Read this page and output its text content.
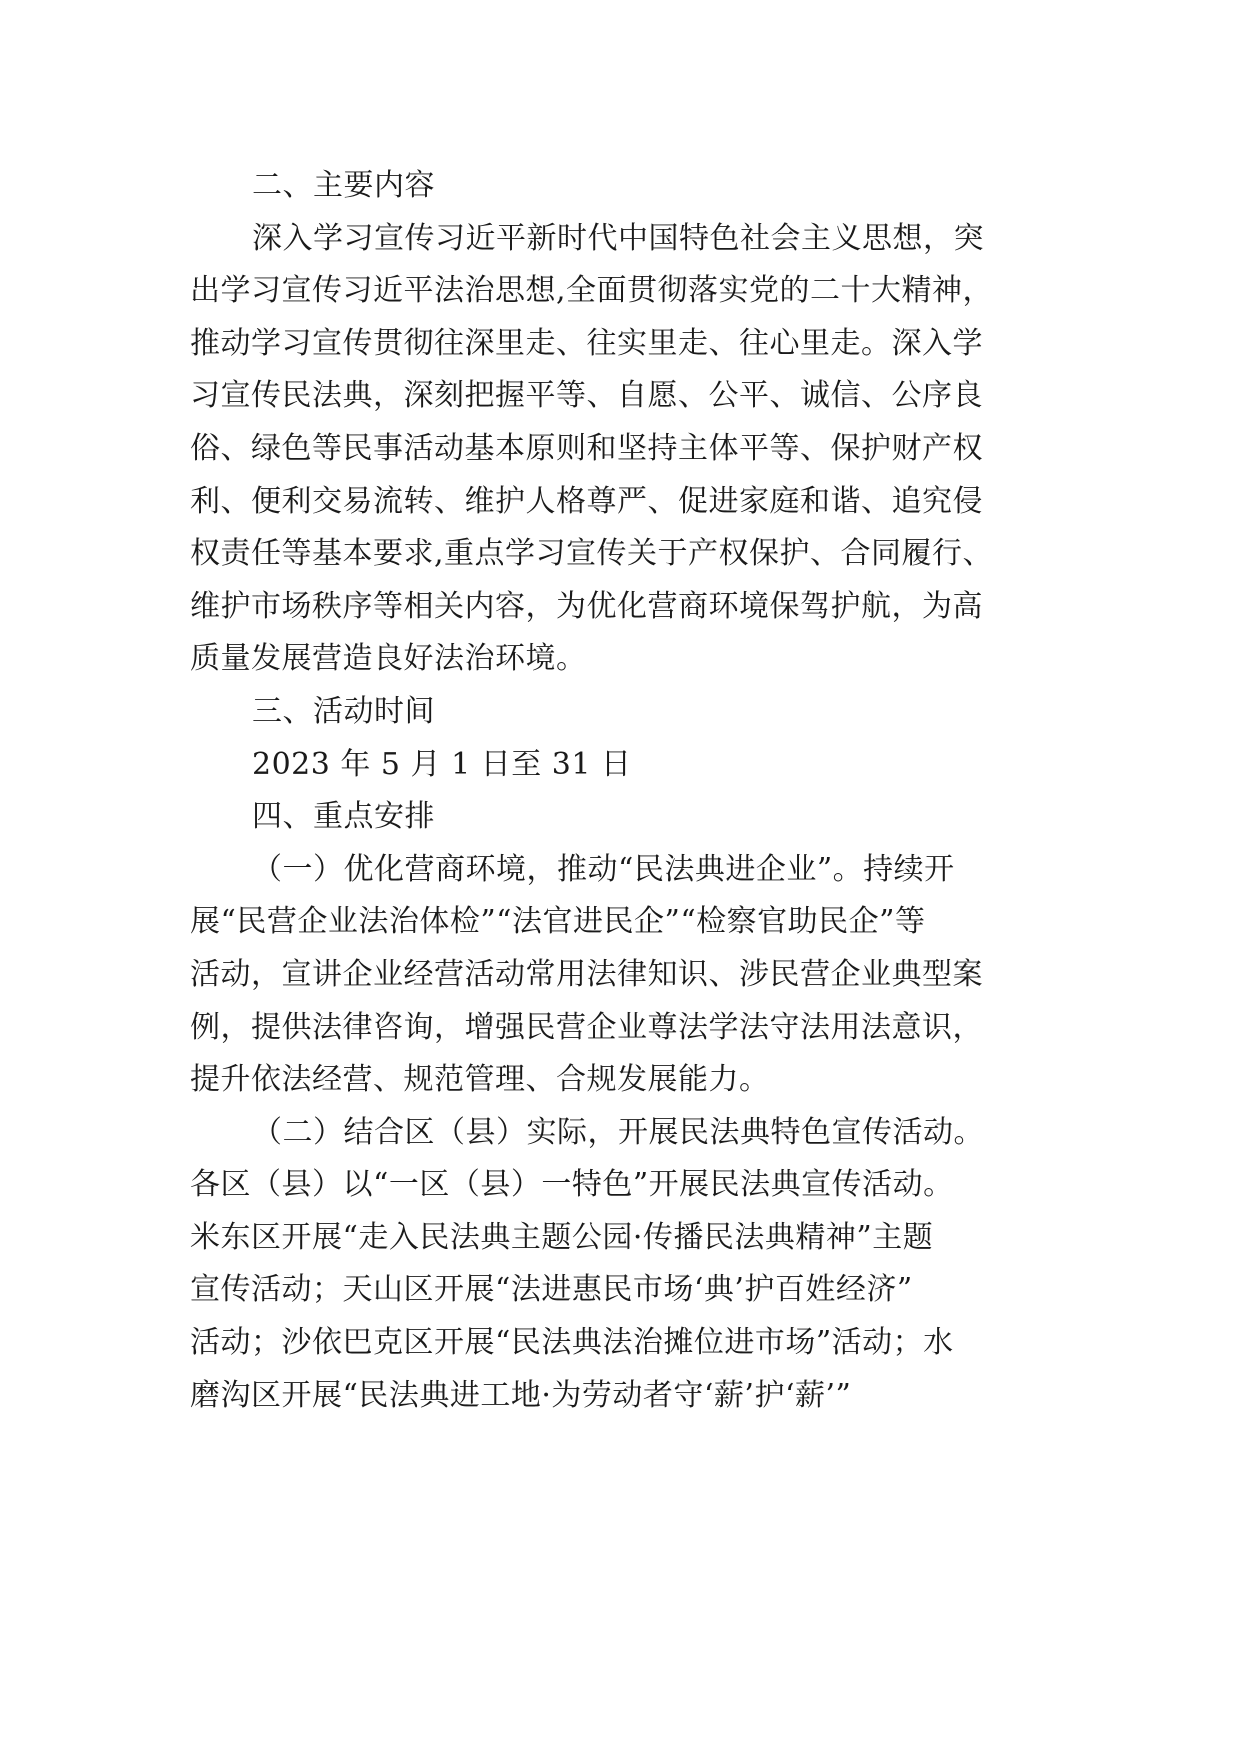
二、主要内容
深入学习宣传习近平新时代中国特色社会主义思想，突
出学习宣传习近平法治思想,全面贯彻落实党的二十大精神，
推动学习宣传贯彻往深里走、往实里走、往心里走。深入学
习宣传民法典，深刻把握平等、自愿、公平、诚信、公序良
俗、绿色等民事活动基本原则和坚持主体平等、保护财产权
利、便利交易流转、维护人格尊严、促进家庭和谐、追究侵
权责任等基本要求,重点学习宣传关于产权保护、合同履行、
维护市场秩序等相关内容，为优化营商环境保驾护航，为高
质量发展营造良好法治环境。
三、活动时间
2023 年 5 月 1 日至 31 日
四、重点安排
（一）优化营商环境，推动“民法典进企业”。持续开
展“民营企业法治体检”“法官进民企”“检察官助民企”等
活动，宣讲企业经营活动常用法律知识、涉民营企业典型案
例，提供法律咨询，增强民营企业尊法学法守法用法意识，
提升依法经营、规范管理、合规发展能力。
（二）结合区（县）实际，开展民法典特色宣传活动。
各区（县）以“一区（县）一特色”开展民法典宣传活动。
米东区开展“走入民法典主题公园·传播民法典精神”主题
宣传活动；天山区开展“法进惠民市场‘典’护百姓经济”
活动；沙依巴克区开展“民法典法治摊位进市场”活动；水
磨沟区开展“民法典进工地·为劳动者守‘薪’护‘薪’”
